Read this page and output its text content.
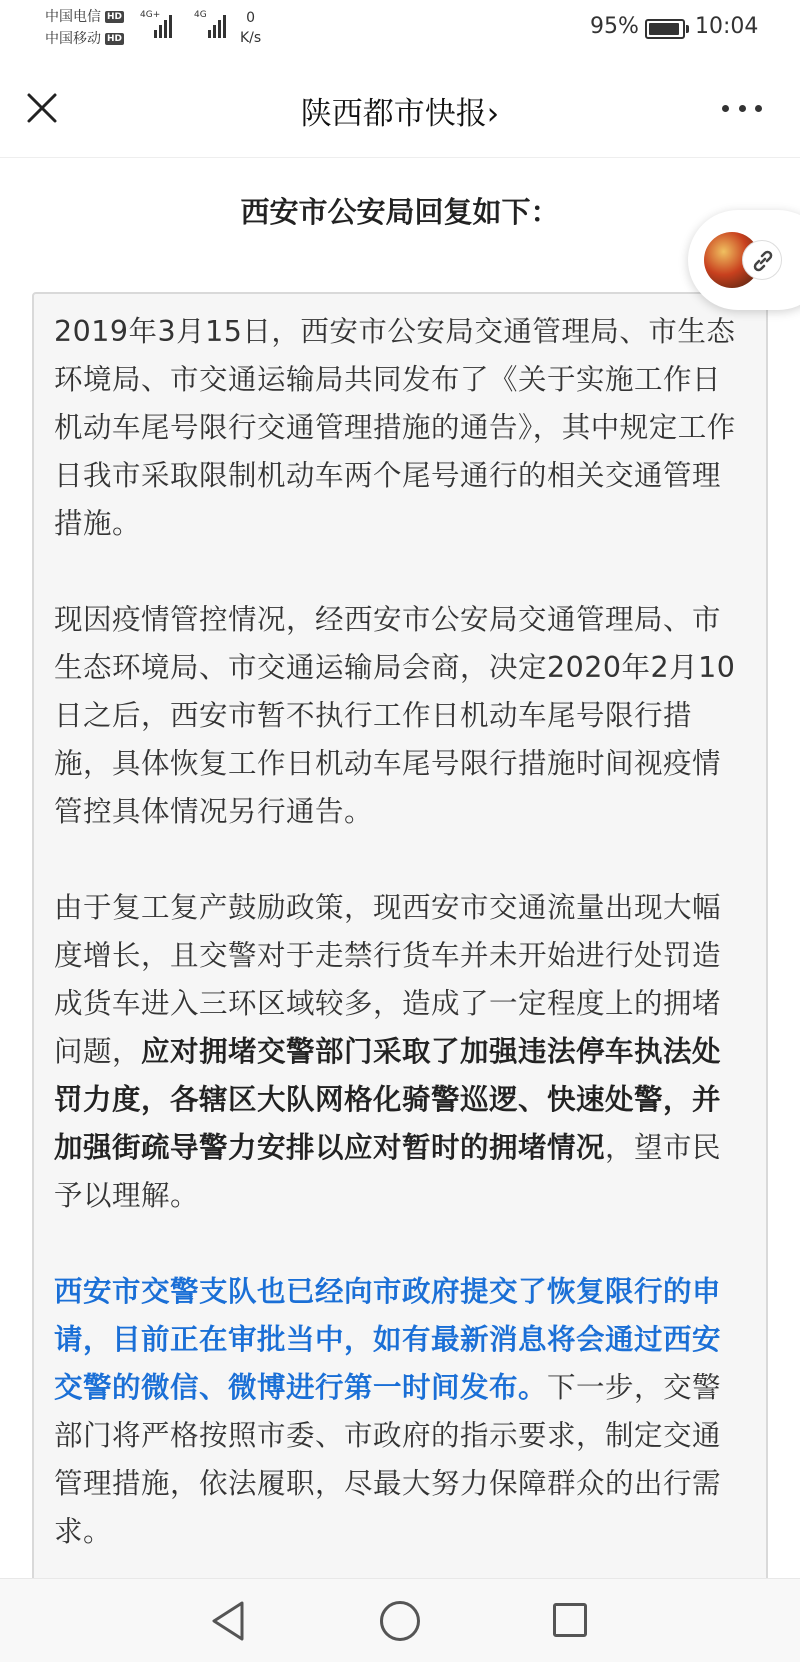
中国电信 HD
中国移动 HD
4G+	4G	0
K/s	95%	10:04
陕西都市快报›
西安市公安局回复如下：

2019年3月15日，西安市公安局交通管理局、市生态环境局、市交通运输局共同发布了《关于实施工作日机动车尾号限行交通管理措施的通告》，其中规定工作日我市采取限制机动车两个尾号通行的相关交通管理措施。

现因疫情管控情况，经西安市公安局交通管理局、市生态环境局、市交通运输局会商，决定2020年2月10日之后，西安市暂不执行工作日机动车尾号限行措施，具体恢复工作日机动车尾号限行措施时间视疫情管控具体情况另行通告。

由于复工复产鼓励政策，现西安市交通流量出现大幅度增长，且交警对于走禁行货车并未开始进行处罚造成货车进入三环区域较多，造成了一定程度上的拥堵问题，应对拥堵交警部门采取了加强违法停车执法处罚力度，各辖区大队网格化骑警巡逻、快速处警，并加强街疏导警力安排以应对暂时的拥堵情况，望市民予以理解。

西安市交警支队也已经向市政府提交了恢复限行的申请，目前正在审批当中，如有最新消息将会通过西安交警的微信、微博进行第一时间发布。下一步，交警部门将严格按照市委、市政府的指示要求，制定交通管理措施，依法履职，尽最大努力保障群众的出行需求。
